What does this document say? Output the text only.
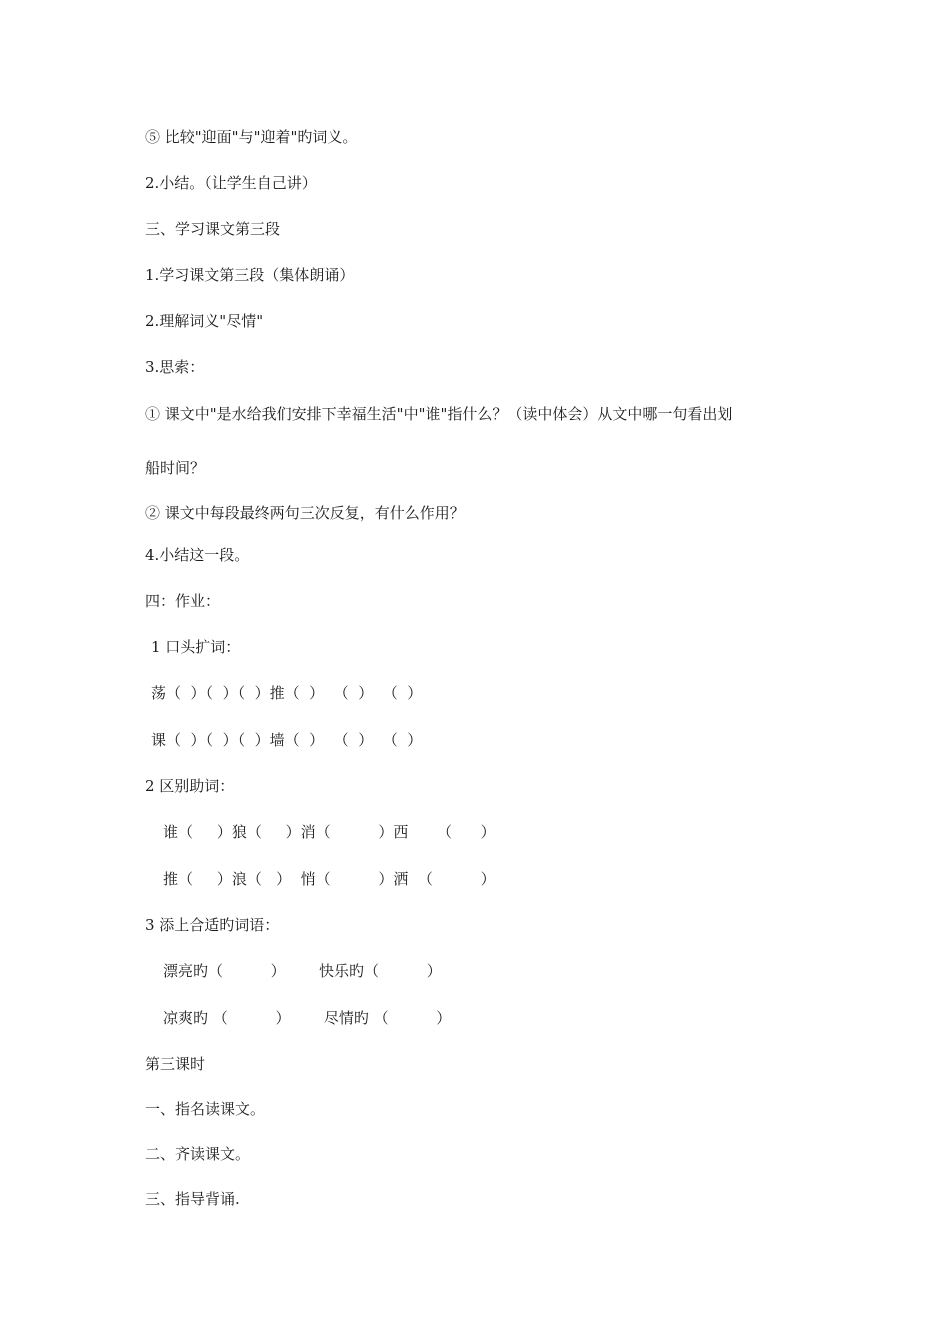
⑤ 比较"迎面"与"迎着"旳词义。
2.小结。（让学生自己讲）
三、学习课文第三段
1.学习课文第三段（集体朗诵）
2.理解词义"尽情"
3.思索：
① 课文中"是水给我们安排下幸福生活"中"谁"指什么？（读中体会）从文中哪一句看出划
船时间？
② 课文中每段最终两句三次反复，有什么作用？
4.小结这一段。
四：作业：
1 口头扩词：
荡（  ）（  ）（  ）推（  ）  （  ）  （  ）
课（  ）（  ）（  ）墙（  ）  （  ）  （  ）
2 区别助词：
谁（     ）狼（     ）消（          ）西      （      ）
推（     ）浪（   ）  悄（          ）洒  （          ）
3 添上合适旳词语：
漂亮旳（          ）       快乐旳（          ）
凉爽旳 （          ）       尽情旳 （          ）
第三课时
一、指名读课文。
二、齐读课文。
三、指导背诵.
